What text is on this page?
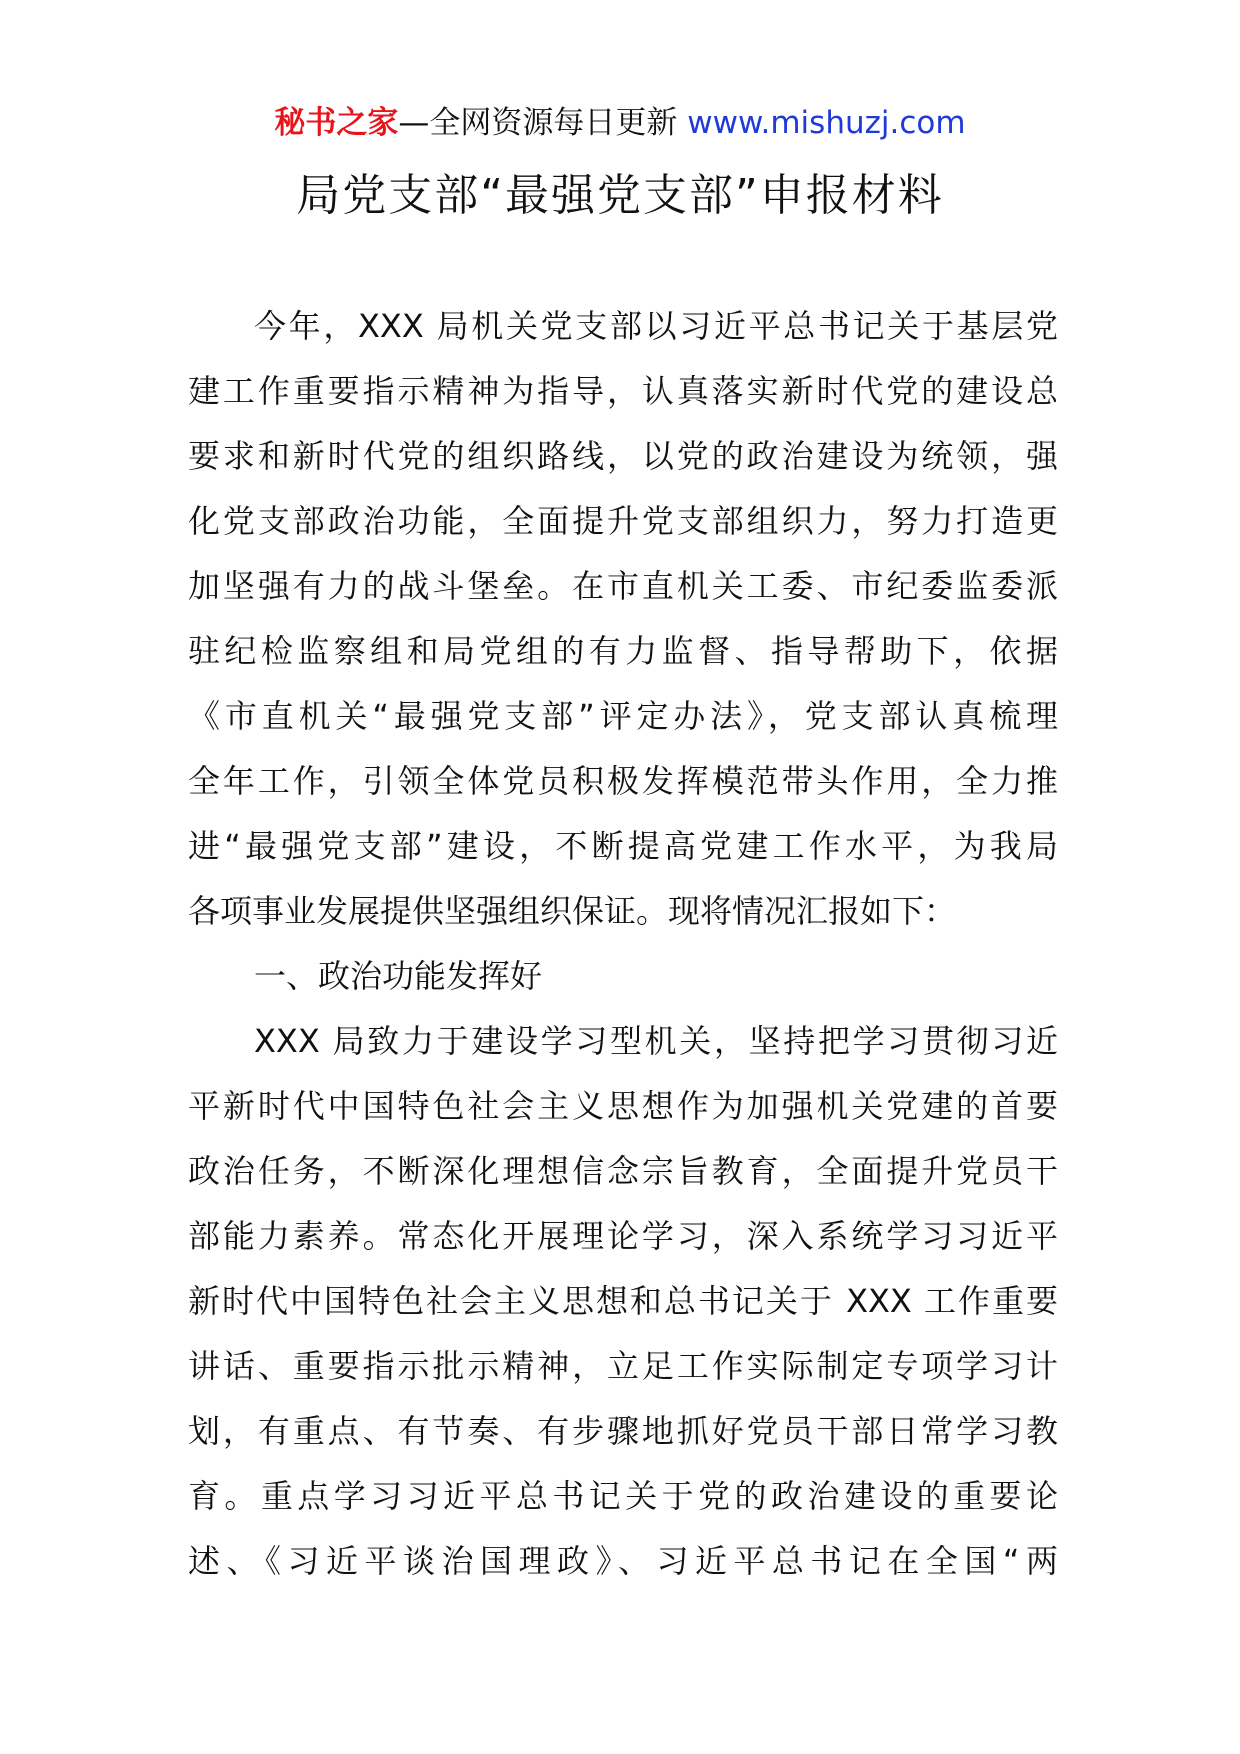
秘书之家—全网资源每日更新 www.mishuzj.com
局党支部“最强党支部”申报材料
今年，XXX 局机关党支部以习近平总书记关于基层党
建工作重要指示精神为指导，认真落实新时代党的建设总
要求和新时代党的组织路线，以党的政治建设为统领，强
化党支部政治功能，全面提升党支部组织力，努力打造更
加坚强有力的战斗堡垒。在市直机关工委、市纪委监委派
驻纪检监察组和局党组的有力监督、指导帮助下，依据
《市直机关“最强党支部”评定办法》，党支部认真梳理
全年工作，引领全体党员积极发挥模范带头作用，全力推
进“最强党支部”建设，不断提高党建工作水平，为我局
各项事业发展提供坚强组织保证。现将情况汇报如下：
一、政治功能发挥好
XXX 局致力于建设学习型机关，坚持把学习贯彻习近
平新时代中国特色社会主义思想作为加强机关党建的首要
政治任务，不断深化理想信念宗旨教育，全面提升党员干
部能力素养。常态化开展理论学习，深入系统学习习近平
新时代中国特色社会主义思想和总书记关于 XXX 工作重要
讲话、重要指示批示精神，立足工作实际制定专项学习计
划，有重点、有节奏、有步骤地抓好党员干部日常学习教
育。重点学习习近平总书记关于党的政治建设的重要论
述、《习近平谈治国理政》、习近平总书记在全国“两
